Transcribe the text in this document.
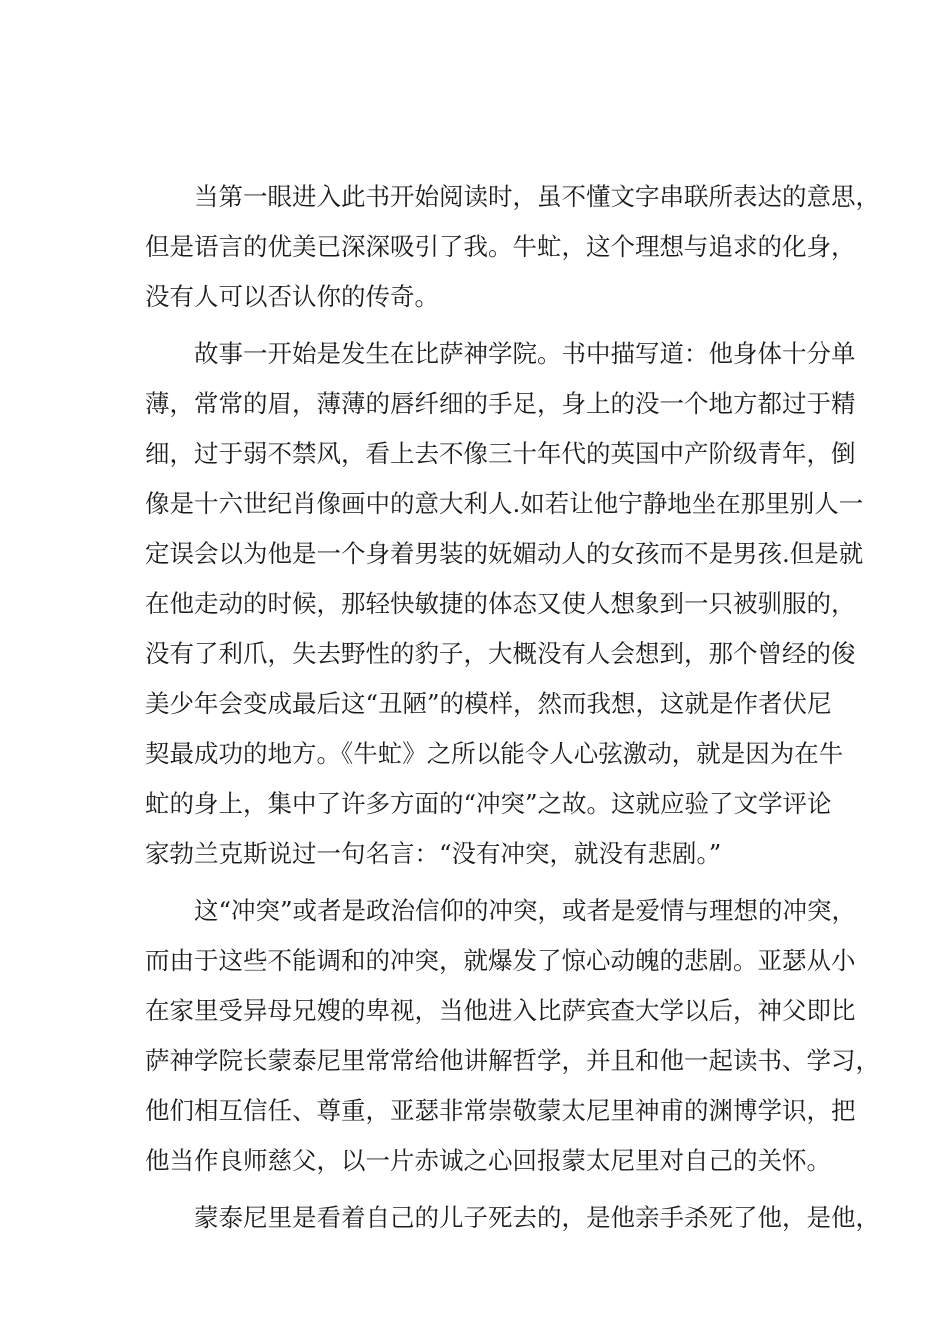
当第一眼进入此书开始阅读时，虽不懂文字串联所表达的意思，
但是语言的优美已深深吸引了我。牛虻，这个理想与追求的化身，
没有人可以否认你的传奇。

故事一开始是发生在比萨神学院。书中描写道：他身体十分单
薄，常常的眉，薄薄的唇纤细的手足，身上的没一个地方都过于精
细，过于弱不禁风，看上去不像三十年代的英国中产阶级青年，倒
像是十六世纪肖像画中的意大利人.如若让他宁静地坐在那里别人一
定误会以为他是一个身着男装的妩媚动人的女孩而不是男孩.但是就
在他走动的时候，那轻快敏捷的体态又使人想象到一只被驯服的，
没有了利爪，失去野性的豹子，大概没有人会想到，那个曾经的俊
美少年会变成最后这“丑陋”的模样，然而我想，这就是作者伏尼
契最成功的地方。《牛虻》之所以能令人心弦激动，就是因为在牛
虻的身上，集中了许多方面的“冲突”之故。这就应验了文学评论
家勃兰克斯说过一句名言：“没有冲突，就没有悲剧。”

这“冲突”或者是政治信仰的冲突，或者是爱情与理想的冲突，
而由于这些不能调和的冲突，就爆发了惊心动魄的悲剧。亚瑟从小
在家里受异母兄嫂的卑视，当他进入比萨宾查大学以后，神父即比
萨神学院长蒙泰尼里常常给他讲解哲学，并且和他一起读书、学习，
他们相互信任、尊重，亚瑟非常崇敬蒙太尼里神甫的渊博学识，把
他当作良师慈父，以一片赤诚之心回报蒙太尼里对自己的关怀。

蒙泰尼里是看着自己的儿子死去的，是他亲手杀死了他，是他，
